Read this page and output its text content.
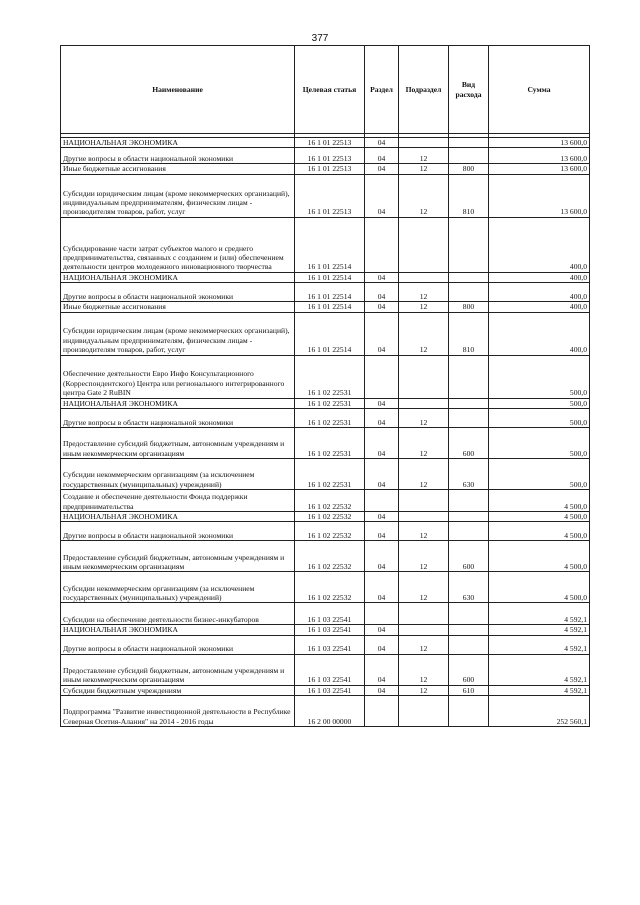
377
Наименование	Целевая статья	Раздел	Подраздел	Вид расхода	Сумма

НАЦИОНАЛЬНАЯ ЭКОНОМИКА	16 1 01 22513	04			13 600,0
Другие вопросы в области национальной экономики	16 1 01 22513	04	12		13 600,0
Иные бюджетные ассигнования	16 1 01 22513	04	12	800	13 600,0
Субсидии юридическим лицам (кроме некоммерческих организаций), индивидуальным предпринимателям, физическим лицам - производителям товаров, работ, услуг	16 1 01 22513	04	12	810	13 600,0
Субсидирование части затрат субъектов малого и среднего предпринимательства, связанных с созданием и (или) обеспечением деятельности центров молодежного инновационного творчества	16 1 01 22514				400,0
НАЦИОНАЛЬНАЯ ЭКОНОМИКА	16 1 01 22514	04			400,0
Другие вопросы в области национальной экономики	16 1 01 22514	04	12		400,0
Иные бюджетные ассигнования	16 1 01 22514	04	12	800	400,0
Субсидии юридическим лицам (кроме некоммерческих организаций), индивидуальным предпринимателям, физическим лицам - производителям товаров, работ, услуг	16 1 01 22514	04	12	810	400,0
Обеспечение деятельности Евро Инфо Консультационного (Корреспондентского) Центра или регионального интегрированного центра Gate 2 RuBIN	16 1 02 22531				500,0
НАЦИОНАЛЬНАЯ ЭКОНОМИКА	16 1 02 22531	04			500,0
Другие вопросы в области национальной экономики	16 1 02 22531	04	12		500,0
Предоставление субсидий бюджетным, автономным учреждениям и иным некоммерческим организациям	16 1 02 22531	04	12	600	500,0
Субсидии некоммерческим организациям (за исключением государственных (муниципальных) учреждений)	16 1 02 22531	04	12	630	500,0
Создание и обеспечение деятельности Фонда поддержки предпринимательства	16 1 02 22532				4 500,0
НАЦИОНАЛЬНАЯ ЭКОНОМИКА	16 1 02 22532	04			4 500,0
Другие вопросы в области национальной экономики	16 1 02 22532	04	12		4 500,0
Предоставление субсидий бюджетным, автономным учреждениям и иным некоммерческим организациям	16 1 02 22532	04	12	600	4 500,0
Субсидии некоммерческим организациям (за исключением государственных (муниципальных) учреждений)	16 1 02 22532	04	12	630	4 500,0
Субсидии на обеспечение деятельности бизнес-инкубаторов	16 1 03 22541				4 592,1
НАЦИОНАЛЬНАЯ ЭКОНОМИКА	16 1 03 22541	04			4 592,1
Другие вопросы в области национальной экономики	16 1 03 22541	04	12		4 592,1
Предоставление субсидий бюджетным, автономным учреждениям и иным некоммерческим организациям	16 1 03 22541	04	12	600	4 592,1
Субсидии бюджетным учреждениям	16 1 03 22541	04	12	610	4 592,1
Подпрограмма "Развитие инвестиционной деятельности в Республике Северная Осетия-Алания" на 2014 - 2016 годы	16 2 00 00000				252 560,1
